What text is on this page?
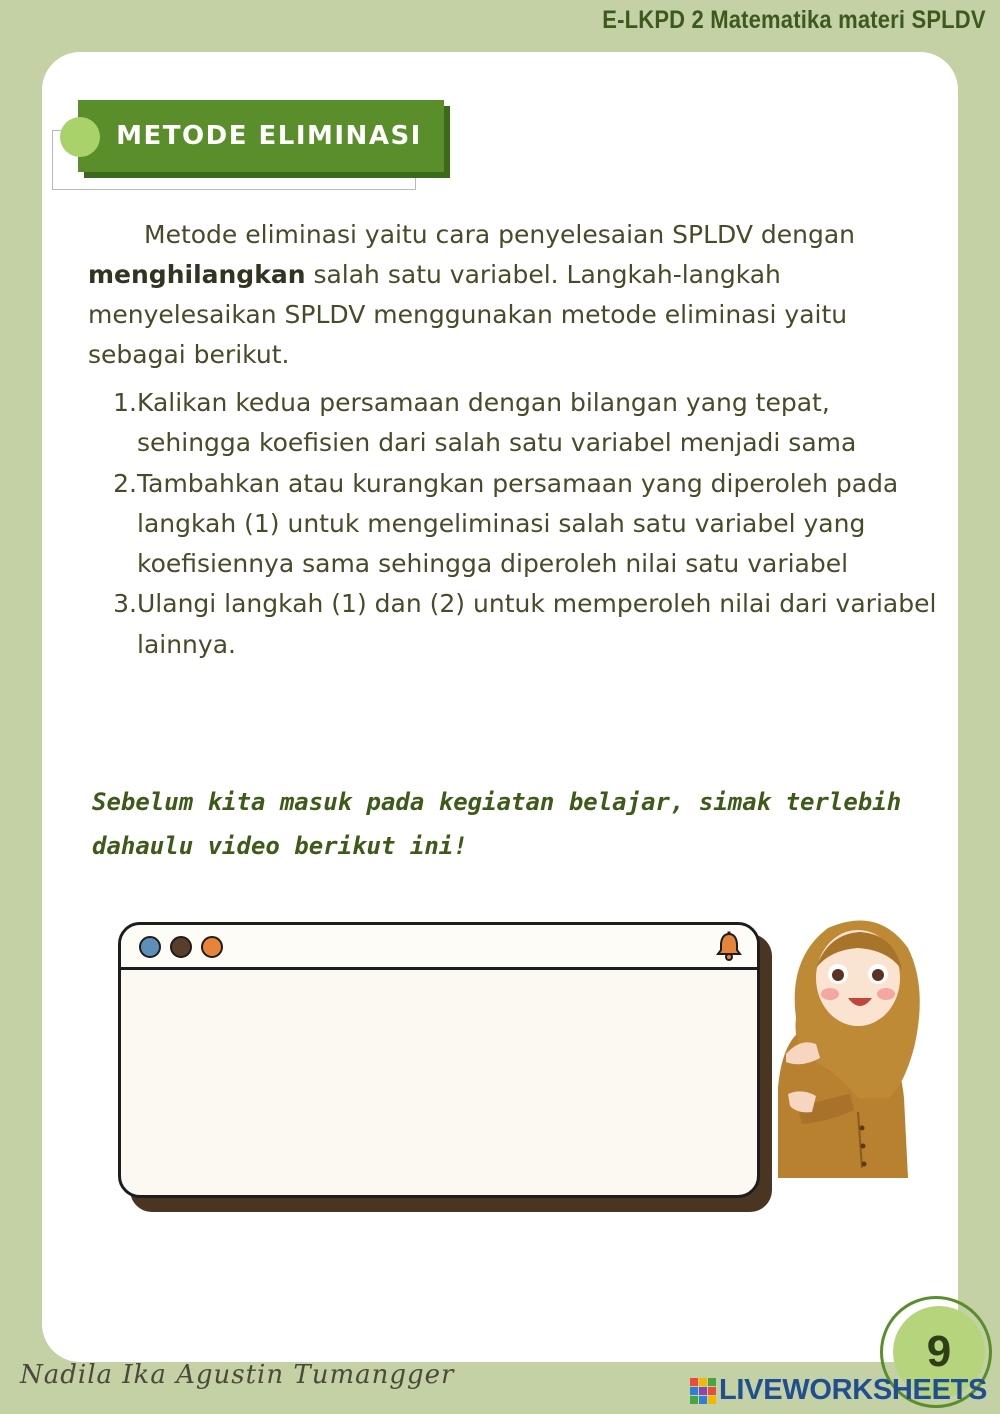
E-LKPD 2 Matematika materi SPLDV
METODE ELIMINASI
Metode eliminasi yaitu cara penyelesaian SPLDV dengan menghilangkan salah satu variabel. Langkah-langkah menyelesaikan SPLDV menggunakan metode eliminasi yaitu sebagai berikut.
1. Kalikan kedua persamaan dengan bilangan yang tepat, sehingga koefisien dari salah satu variabel menjadi sama
2. Tambahkan atau kurangkan persamaan yang diperoleh pada langkah (1) untuk mengeliminasi salah satu variabel yang koefisiennya sama sehingga diperoleh nilai satu variabel
3. Ulangi langkah (1) dan (2) untuk memperoleh nilai dari variabel lainnya.
Sebelum kita masuk pada kegiatan belajar, simak terlebih
dahaulu video berikut ini!
Nadila Ika Agustin Tumangger	9
LIVEWORKSHEETS
